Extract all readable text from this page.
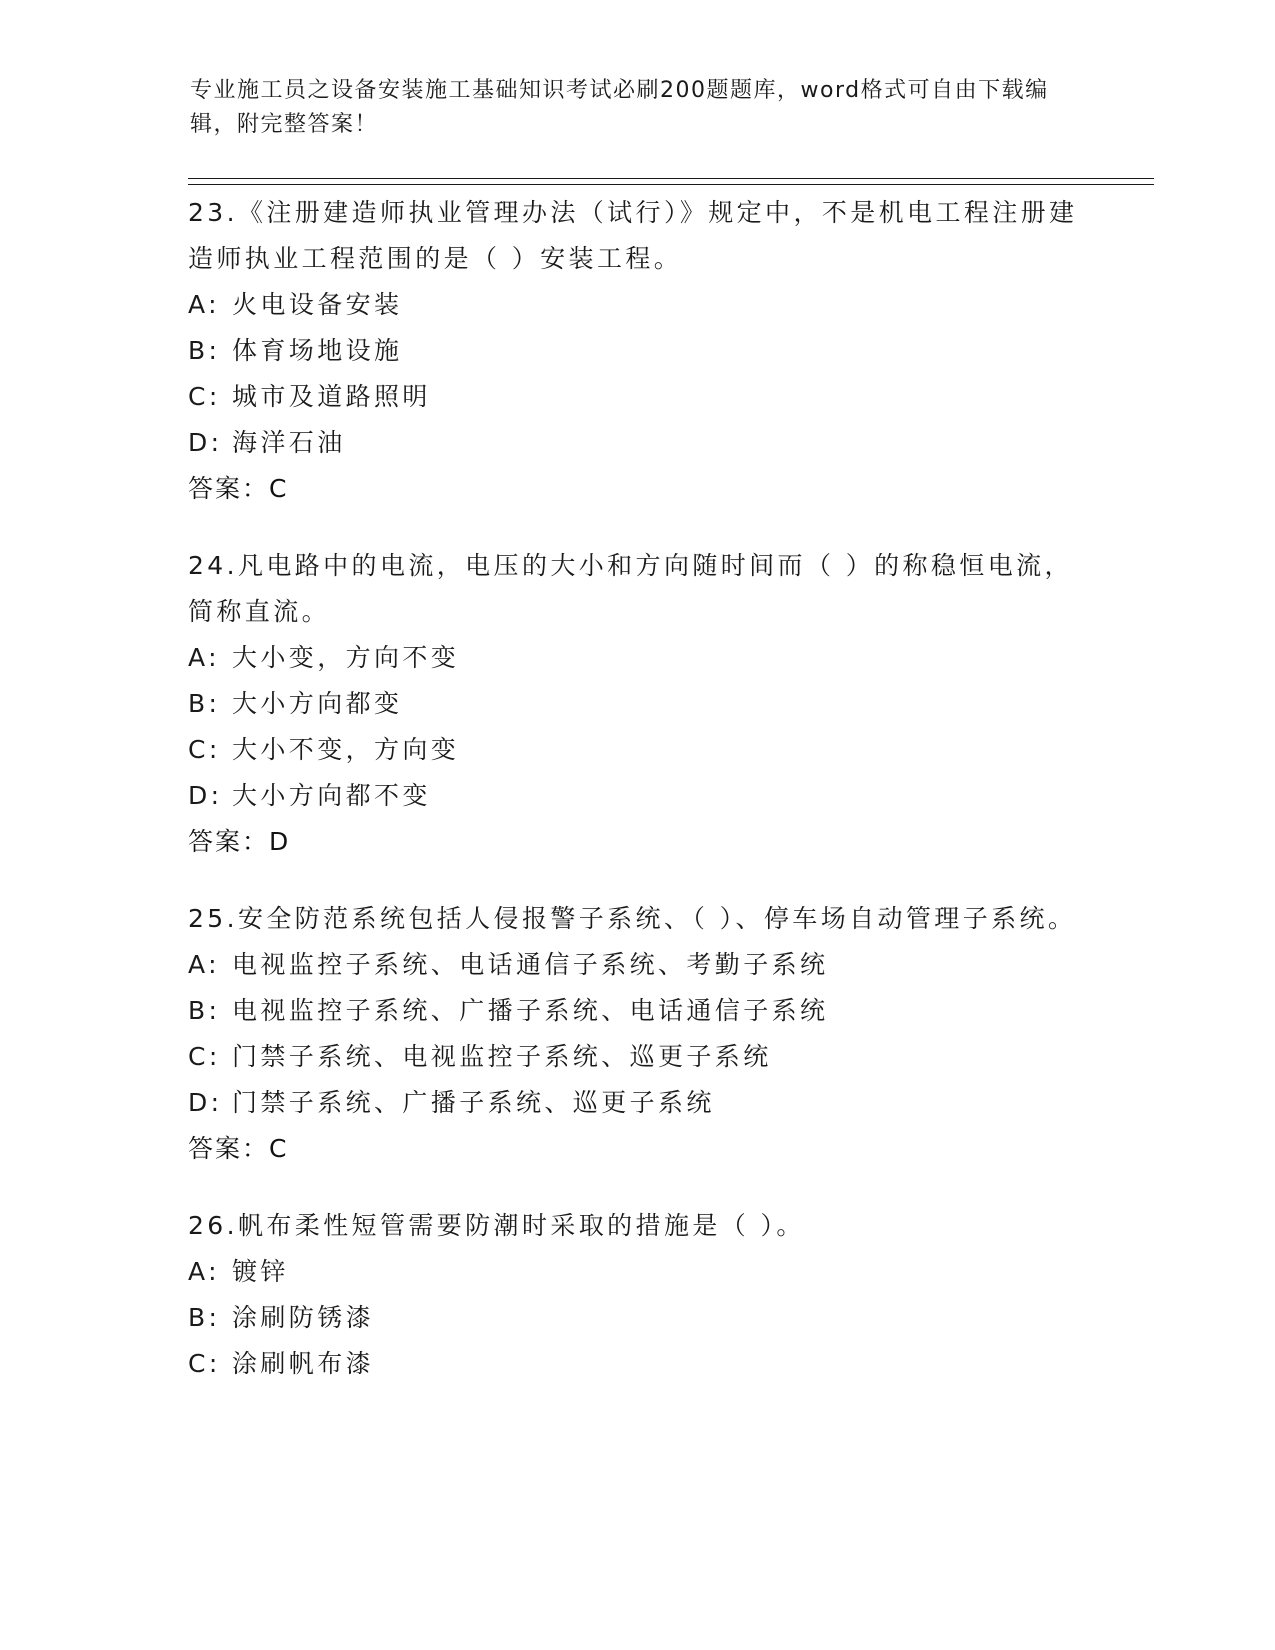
专业施工员之设备安装施工基础知识考试必刷200题题库，word格式可自由下载编辑，附完整答案！

23.《注册建造师执业管理办法（试行）》规定中，不是机电工程注册建造师执业工程范围的是（ ）安装工程。

A: 火电设备安装

B: 体育场地设施

C: 城市及道路照明

D: 海洋石油

答案：C

24.凡电路中的电流，电压的大小和方向随时间而（ ）的称稳恒电流，简称直流。

A: 大小变，方向不变

B: 大小方向都变

C: 大小不变，方向变

D: 大小方向都不变

答案：D

25.安全防范系统包括人侵报警子系统、（ ）、停车场自动管理子系统。

A: 电视监控子系统、电话通信子系统、考勤子系统

B: 电视监控子系统、广播子系统、电话通信子系统

C: 门禁子系统、电视监控子系统、巡更子系统

D: 门禁子系统、广播子系统、巡更子系统

答案：C

26.帆布柔性短管需要防潮时采取的措施是（ ）。

A: 镀锌

B: 涂刷防锈漆

C: 涂刷帆布漆
